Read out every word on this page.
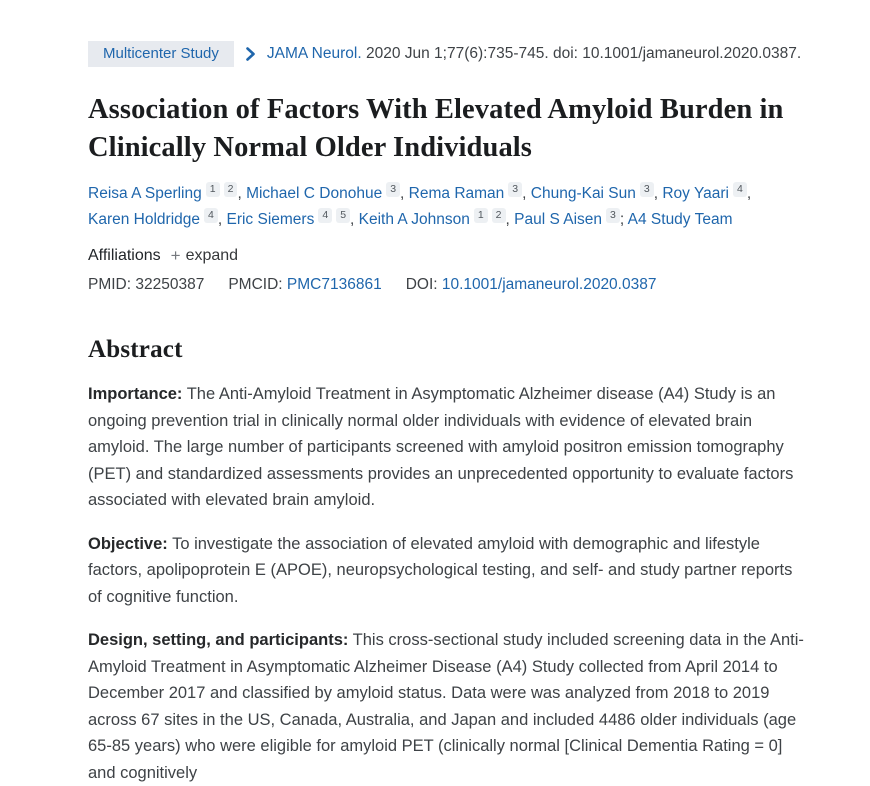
Multicenter Study	JAMA Neurol. 2020 Jun 1;77(6):735-745. doi: 10.1001/jamaneurol.2020.0387.
Association of Factors With Elevated Amyloid Burden in Clinically Normal Older Individuals
Reisa A Sperling $^1$ $^2$ , Michael C Donohue $^3$ , Rema Raman $^3$ , Chung-Kai Sun $^3$ , Roy Yaari $^4$ , Karen Holdridge $^4$ , Eric Siemers $^4$ $^5$ , Keith A Johnson $^1$ $^2$ , Paul S Aisen $^3$ ; A4 Study Team
Affiliations + expand
PMID: 32250387 PMCID: PMC7136861 DOI: 10.1001/jamaneurol.2020.0387
Abstract

Importance: The Anti-Amyloid Treatment in Asymptomatic Alzheimer disease (A4) Study is an ongoing prevention trial in clinically normal older individuals with evidence of elevated brain amyloid. The large number of participants screened with amyloid positron emission tomography (PET) and standardized assessments provides an unprecedented opportunity to evaluate factors associated with elevated brain amyloid.

Objective: To investigate the association of elevated amyloid with demographic and lifestyle factors, apolipoprotein E (APOE), neuropsychological testing, and self- and study partner reports of cognitive function.

Design, setting, and participants: This cross-sectional study included screening data in the Anti-Amyloid Treatment in Asymptomatic Alzheimer Disease (A4) Study collected from April 2014 to December 2017 and classified by amyloid status. Data were was analyzed from 2018 to 2019 across 67 sites in the US, Canada, Australia, and Japan and included 4486 older individuals (age 65-85 years) who were eligible for amyloid PET (clinically normal [Clinical Dementia Rating = 0] and cognitively
